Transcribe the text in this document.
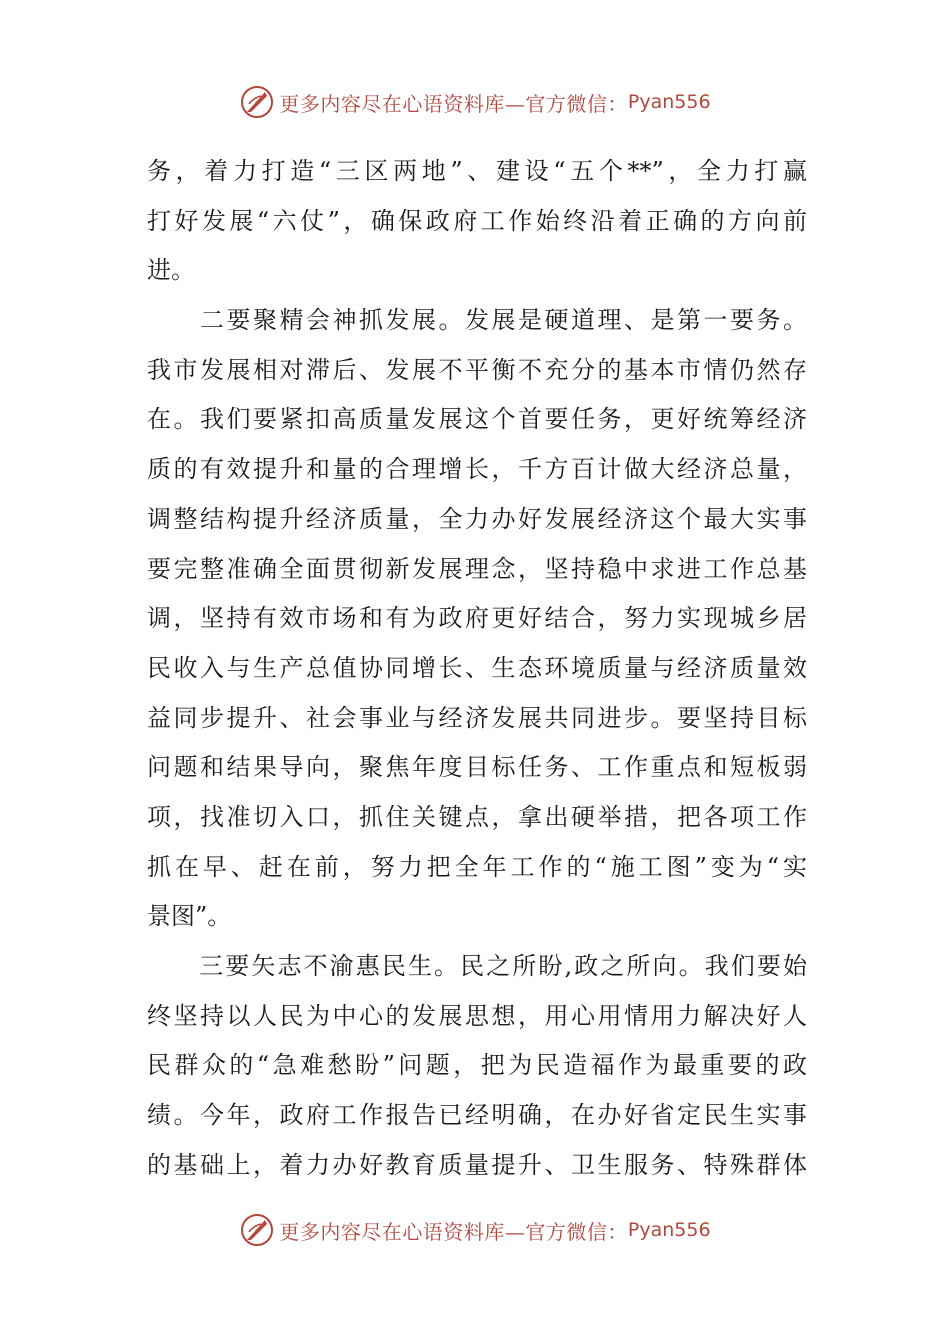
更多内容尽在心语资料库—官方微信： Pyan556
务，着力打造“三区两地”、建设“五个**”，全力打赢
打好发展“六仗”，确保政府工作始终沿着正确的方向前
进。
　　二要聚精会神抓发展。发展是硬道理、是第一要务。
我市发展相对滞后、发展不平衡不充分的基本市情仍然存
在。我们要紧扣高质量发展这个首要任务，更好统筹经济
质的有效提升和量的合理增长，千方百计做大经济总量，
调整结构提升经济质量，全力办好发展经济这个最大实事
要完整准确全面贯彻新发展理念，坚持稳中求进工作总基
调，坚持有效市场和有为政府更好结合，努力实现城乡居
民收入与生产总值协同增长、生态环境质量与经济质量效
益同步提升、社会事业与经济发展共同进步。要坚持目标
问题和结果导向，聚焦年度目标任务、工作重点和短板弱
项，找准切入口，抓住关键点，拿出硬举措，把各项工作
抓在早、赶在前，努力把全年工作的“施工图”变为“实
景图”。
　　三要矢志不渝惠民生。民之所盼,政之所向。我们要始
终坚持以人民为中心的发展思想，用心用情用力解决好人
民群众的“急难愁盼”问题，把为民造福作为最重要的政
绩。今年，政府工作报告已经明确，在办好省定民生实事
的基础上，着力办好教育质量提升、卫生服务、特殊群体
更多内容尽在心语资料库—官方微信： Pyan556
